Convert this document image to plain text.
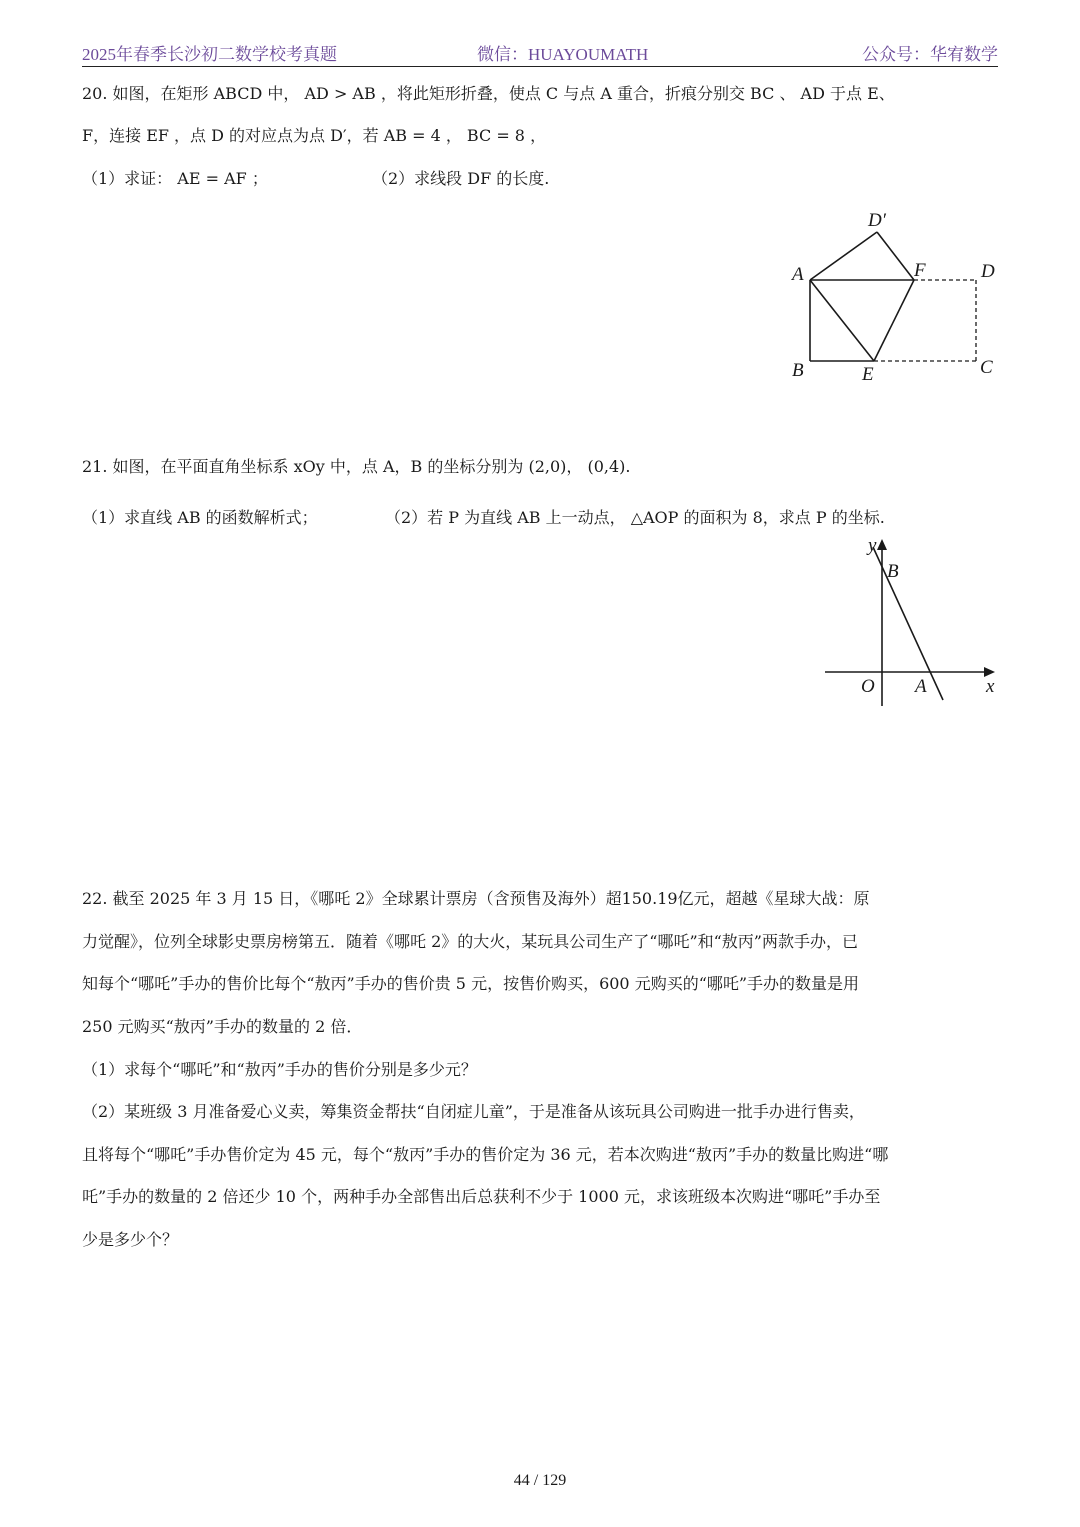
2025年春季长沙初二数学校考真题	微信：HUAYOUMATH	公众号：华宥数学
20. 如图，在矩形 ABCD 中， AD > AB ，将此矩形折叠，使点 C 与点 A 重合，折痕分别交 BC 、 AD 于点 E、
F，连接 EF ，点 D 的对应点为点 D′，若 AB = 4 ， BC = 8 ，
（1）求证： AE = AF ；	（2）求线段 DF 的长度.
A
B	C
D
E
F
D′
21. 如图，在平面直角坐标系 xOy 中，点 A，B 的坐标分别为 (2,0)， (0,4).
（1）求直线 AB 的函数解析式；	（2）若 P 为直线 AB 上一动点， △AOP 的面积为 8，求点 P 的坐标.
y
x
O A
B
22. 截至 2025 年 3 月 15 日，《哪吒 2》全球累计票房（含预售及海外）超150.19亿元，超越《星球大战：原
力觉醒》，位列全球影史票房榜第五．随着《哪吒 2》的大火，某玩具公司生产了“哪吒”和“敖丙”两款手办，已
知每个“哪吒”手办的售价比每个“敖丙”手办的售价贵 5 元，按售价购买，600 元购买的“哪吒”手办的数量是用
250 元购买“敖丙”手办的数量的 2 倍．
（1）求每个“哪吒”和“敖丙”手办的售价分别是多少元？
（2）某班级 3 月准备爱心义卖，筹集资金帮扶“自闭症儿童”，于是准备从该玩具公司购进一批手办进行售卖，
且将每个“哪吒”手办售价定为 45 元，每个“敖丙”手办的售价定为 36 元，若本次购进“敖丙”手办的数量比购进“哪
吒”手办的数量的 2 倍还少 10 个，两种手办全部售出后总获利不少于 1000 元，求该班级本次购进“哪吒”手办至
少是多少个？
44 / 129
